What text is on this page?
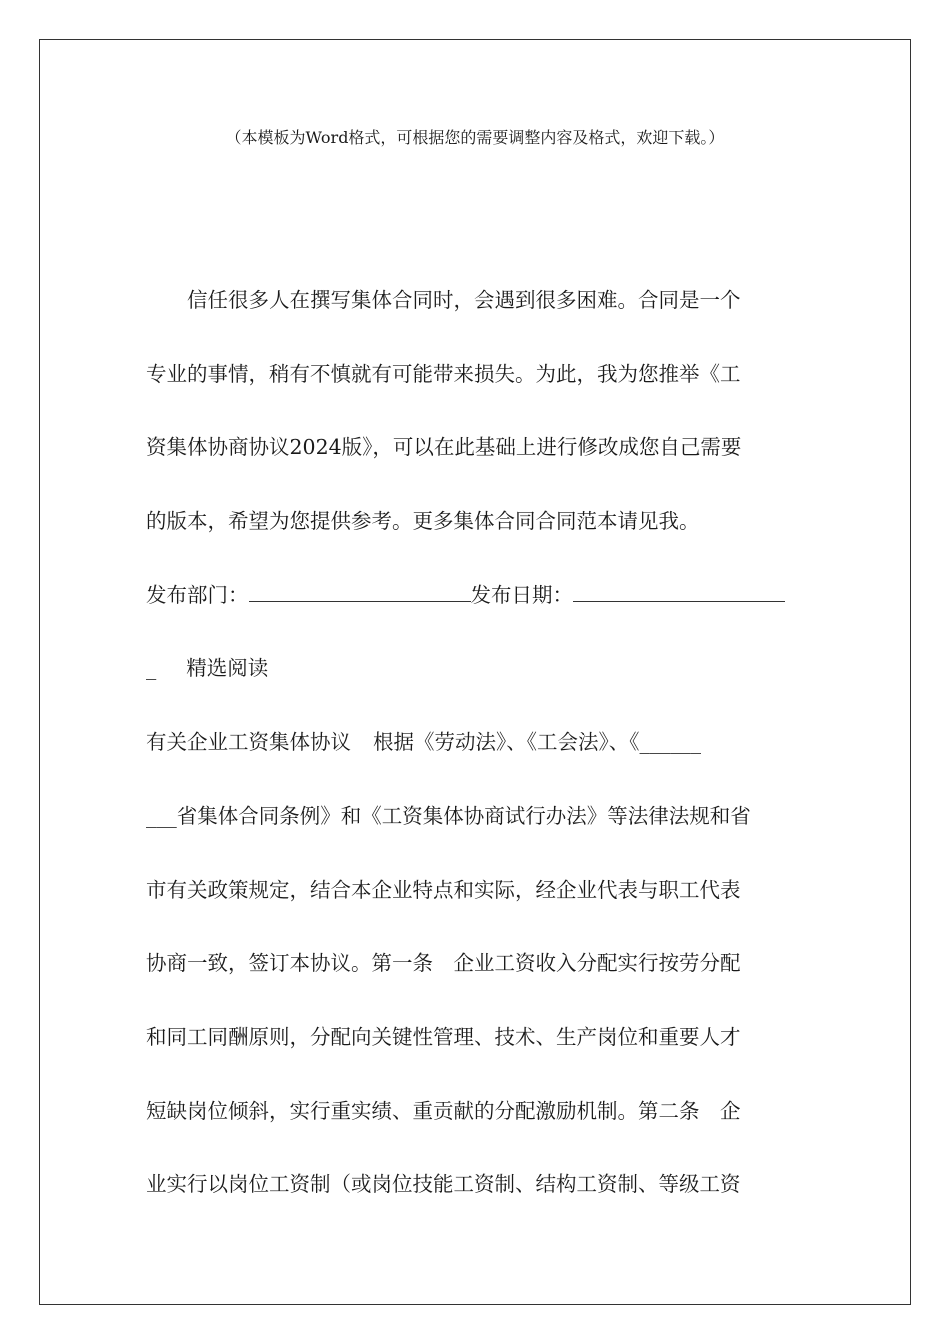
（本模板为Word格式，可根据您的需要调整内容及格式，欢迎下载。）
信任很多人在撰写集体合同时，会遇到很多困难。合同是一个
专业的事情，稍有不慎就有可能带来损失。为此，我为您推举《工
资集体协商协议2024版》，可以在此基础上进行修改成您自己需要
的版本，希望为您提供参考。更多集体合同合同范本请见我。
发布部门：	发布日期：
_ 精选阅读
有关企业工资集体协议 根据《劳动法》、《工会法》、《______
___省集体合同条例》和《工资集体协商试行办法》等法律法规和省
市有关政策规定，结合本企业特点和实际，经企业代表与职工代表
协商一致，签订本协议。第一条　企业工资收入分配实行按劳分配
和同工同酬原则，分配向关键性管理、技术、生产岗位和重要人才
短缺岗位倾斜，实行重实绩、重贡献的分配激励机制。第二条　企
业实行以岗位工资制（或岗位技能工资制、结构工资制、等级工资
